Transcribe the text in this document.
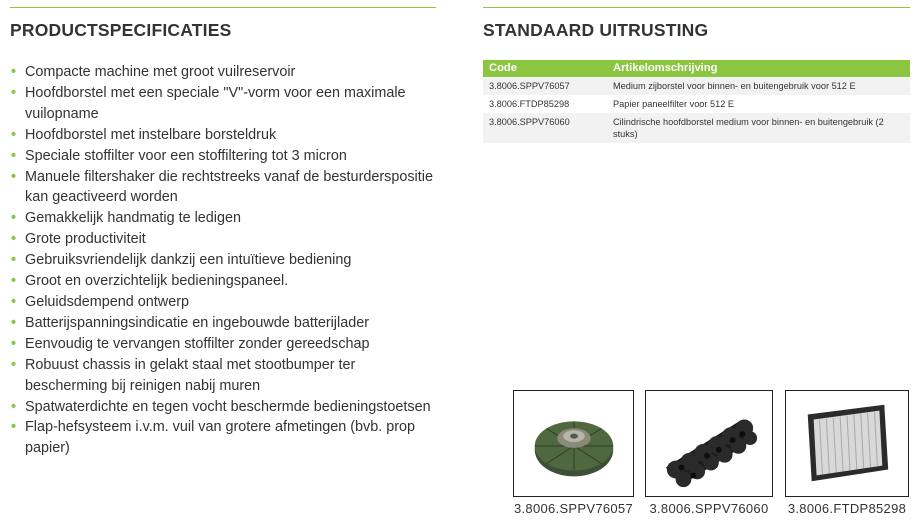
PRODUCTSPECIFICATIES
• Compacte machine met groot vuilreservoir
• Hoofdborstel met een speciale "V"-vorm voor een maximale vuilopname
• Hoofdborstel met instelbare borsteldruk
• Speciale stoffilter voor een stoffiltering tot 3 micron
• Manuele filtershaker die rechtstreeks vanaf de besturderspositie kan geactiveerd worden
• Gemakkelijk handmatig te ledigen
• Grote productiviteit
• Gebruiksvriendelijk dankzij een intuïtieve bediening
• Groot en overzichtelijk bedieningspaneel.
• Geluidsdempend ontwerp
• Batterijspanningsindicatie en ingebouwde batterijlader
• Eenvoudig te vervangen stoffilter zonder gereedschap
• Robuust chassis in gelakt staal met stootbumper ter bescherming bij reinigen nabij muren
• Spatwaterdichte en tegen vocht beschermde bedieningstoetsen
• Flap-hefsysteem i.v.m. vuil van grotere afmetingen (bvb. prop papier)
STANDAARD UITRUSTING
Code	Artikelomschrijving
3.8006.SPPV76057	Medium zijborstel voor binnen- en buitengebruik voor 512 E
3.8006.FTDP85298	Papier paneelfilter voor 512 E
3.8006.SPPV76060	Cilindrische hoofdborstel medium voor binnen- en buitengebruik (2 stuks)
3.8006.SPPV76057	3.8006.SPPV76060	3.8006.FTDP85298
